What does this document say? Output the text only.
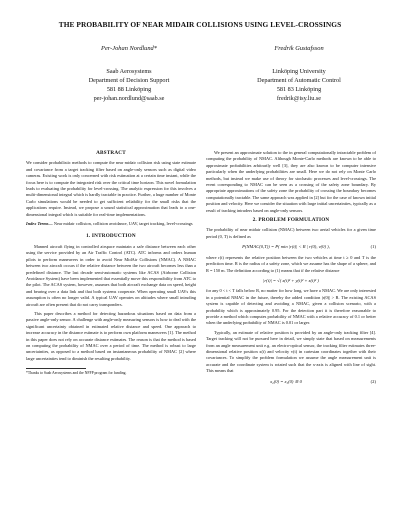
THE PROBABILITY OF NEAR MIDAIR COLLISIONS USING LEVEL-CROSSINGS
Per-Johan Nordlund*
Saab Aerosystems
Department of Decision Support
581 88 Linköping
per-johan.nordlund@saab.se
Fredrik Gustafsson
Linköping University
Department of Automatic Control
581 83 Linköping
fredrik@isy.liu.se
ABSTRACT

We consider probabilistic methods to compute the near midair collision risk using state estimate and covariance from a target tracking filter based on angle-only sensors such as digital video cameras. Existing work is only concerned with risk estimation at a certain time instant, while the focus here is to compute the integrated risk over the critical time horizon. This novel formulation leads to evaluating the probability for level-crossing. The analytic expression for this involves a multi-dimensional integral which is hardly tractable in practice. Further, a huge number of Monte Carlo simulations would be needed to get sufficient reliability for the small risks that the applications require. Instead, we propose a sound statistical approximation that leads to a one-dimensional integral which is suitable for real-time implementations.

Index Terms— Near midair collision, collision avoidance, UAV, target tracking, level-crossings

1. INTRODUCTION

Manned aircraft flying in controlled airspace maintain a safe distance between each other using the service provided by an Air Traffic Control (ATC). ATC informs and orders human pilots to perform maneuvers in order to avoid Near MidAir Collisions (NMAC). A NMAC between two aircraft occurs if the relative distance between the two aircraft becomes less than a predefined distance. The last decade semi-automatic systems like ACAS (Airborne Collision Avoidance System) have been implemented that essentially move this responsibility from ATC to the pilot. The ACAS system, however, assumes that both aircraft exchange data on speed, height and bearing over a data link and that both systems cooperate. When operating small UAVs this assumption is often no longer valid. A typical UAV operates on altitudes where small intruding aircraft are often present that do not carry transponders.

This paper describes a method for detecting hazardous situations based on data from a passive angle-only sensor. A challenge with angle-only measuring sensors is how to deal with the significant uncertainty obtained in estimated relative distance and speed. One approach to increase accuracy in the distance estimate is to perform own platform maneuvers [1]. The method in this paper does not rely on accurate distance estimates. The reason is that the method is based on computing the probability of NMAC over a period of time. The method is robust to large uncertainties, as opposed to a method based on instantaneous probability of NMAC [2] where large uncertainties tend to diminish the resulting probability.

*Thanks to Saab Aerosystems and the NFFP program for funding.

We present an approximate solution to the in general computationally intractable problem of computing the probability of NMAC. Although Monte-Carlo methods are known to be able to approximate probabilities arbitrarily well [3], they are also known to be computer intensive particularly when the underlying probabilities are small. Here we do not rely on Monte Carlo methods, but instead we make use of theory for stochastic processes and level-crossings. The event corresponding to NMAC can be seen as a crossing of the safety zone boundary. By appropriate approximations of the safety zone the probability of crossing the boundary becomes computationally tractable. The same approach was applied in [2] but for the case of known initial position and velocity. Here we consider the situation with large initial uncertainties, typically as a result of tracking intruders based on angle-only sensors.

2. PROBLEM FORMULATION

The probability of near midair collision (NMAC) between two aerial vehicles for a given time period (0, T) is defined as

P(NMAC(0,T)) = P( min |r(t)| < R | r(0), v(0) ),	(1)

where r(t) represents the relative position between the two vehicles at time t ≥ 0 and T is the prediction time. R is the radius of a safety zone, which we assume has the shape of a sphere, and R = 150 m. The definition according to (1) means that if the relative distance

|r(t)| = √( x(t)² + y(t)² + z(t)² )

for any 0 < t < T falls below R, no matter for how long, we have a NMAC. We are only interested in a potential NMAC in the future, thereby the added condition |r(0)| > R. The existing ACAS system is capable of detecting and avoiding a NMAC, given a collision scenario, with a probability which is approximately 0.95. For the detection part it is therefore reasonable to provide a method which computes probability of NMAC with a relative accuracy of 0.1 or better when the underlying probability of NMAC is 0.01 or larger.

Typically, an estimate of relative position is provided by an angle-only tracking filter [4]. Target tracking will not be pursued here in detail, we simply state that based on measurements from an angle measurement unit e.g. an electro-optical sensor, the tracking filter estimates three-dimensional relative position x(t) and velocity v(t) in cartesian coordinates together with their covariances. To simplify the problem formulation we assume the angle measurement unit is accurate and the coordinate system is rotated such that the x-axis is aligned with line of sight. This means that

x₂(0) = x₃(0) ≅ 0	(2)
